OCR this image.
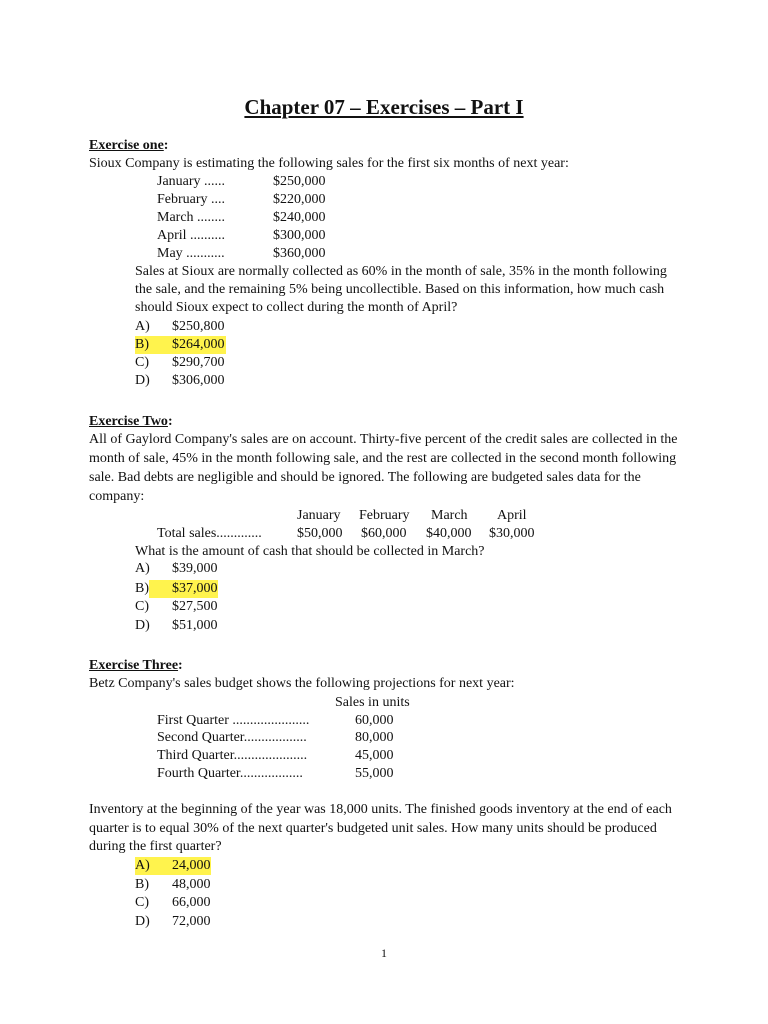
Chapter 07 – Exercises – Part I
Exercise one:
Sioux Company is estimating the following sales for the first six months of next year:
January ......	$250,000
February ....	$220,000
March ........	$240,000
April ..........	$300,000
May ...........	$360,000
Sales at Sioux are normally collected as 60% in the month of sale, 35% in the month following
the sale, and the remaining 5% being uncollectible. Based on this information, how much cash
should Sioux expect to collect during the month of April?
A) $250,800

B) $264,000
C) $290,700
D) $306,000
Exercise Two:
All of Gaylord Company's sales are on account. Thirty-five percent of the credit sales are collected in the
month of sale, 45% in the month following sale, and the rest are collected in the second month following
sale. Bad debts are negligible and should be ignored. The following are budgeted sales data for the
company:
January February March April
Total sales.............	$50,000 $60,000 $40,000 $30,000
What is the amount of cash that should be collected in March?
A) $39,000

B) $37,000
C) $27,500
D) $51,000
Exercise Three:
Betz Company's sales budget shows the following projections for next year:
Sales in units
First Quarter ......................	60,000
Second Quarter..................	80,000
Third Quarter.....................	45,000
Fourth Quarter..................	55,000
Inventory at the beginning of the year was 18,000 units. The finished goods inventory at the end of each
quarter is to equal 30% of the next quarter's budgeted unit sales. How many units should be produced
during the first quarter?

A) 24,000
B) 48,000
C) 66,000
D) 72,000
1
